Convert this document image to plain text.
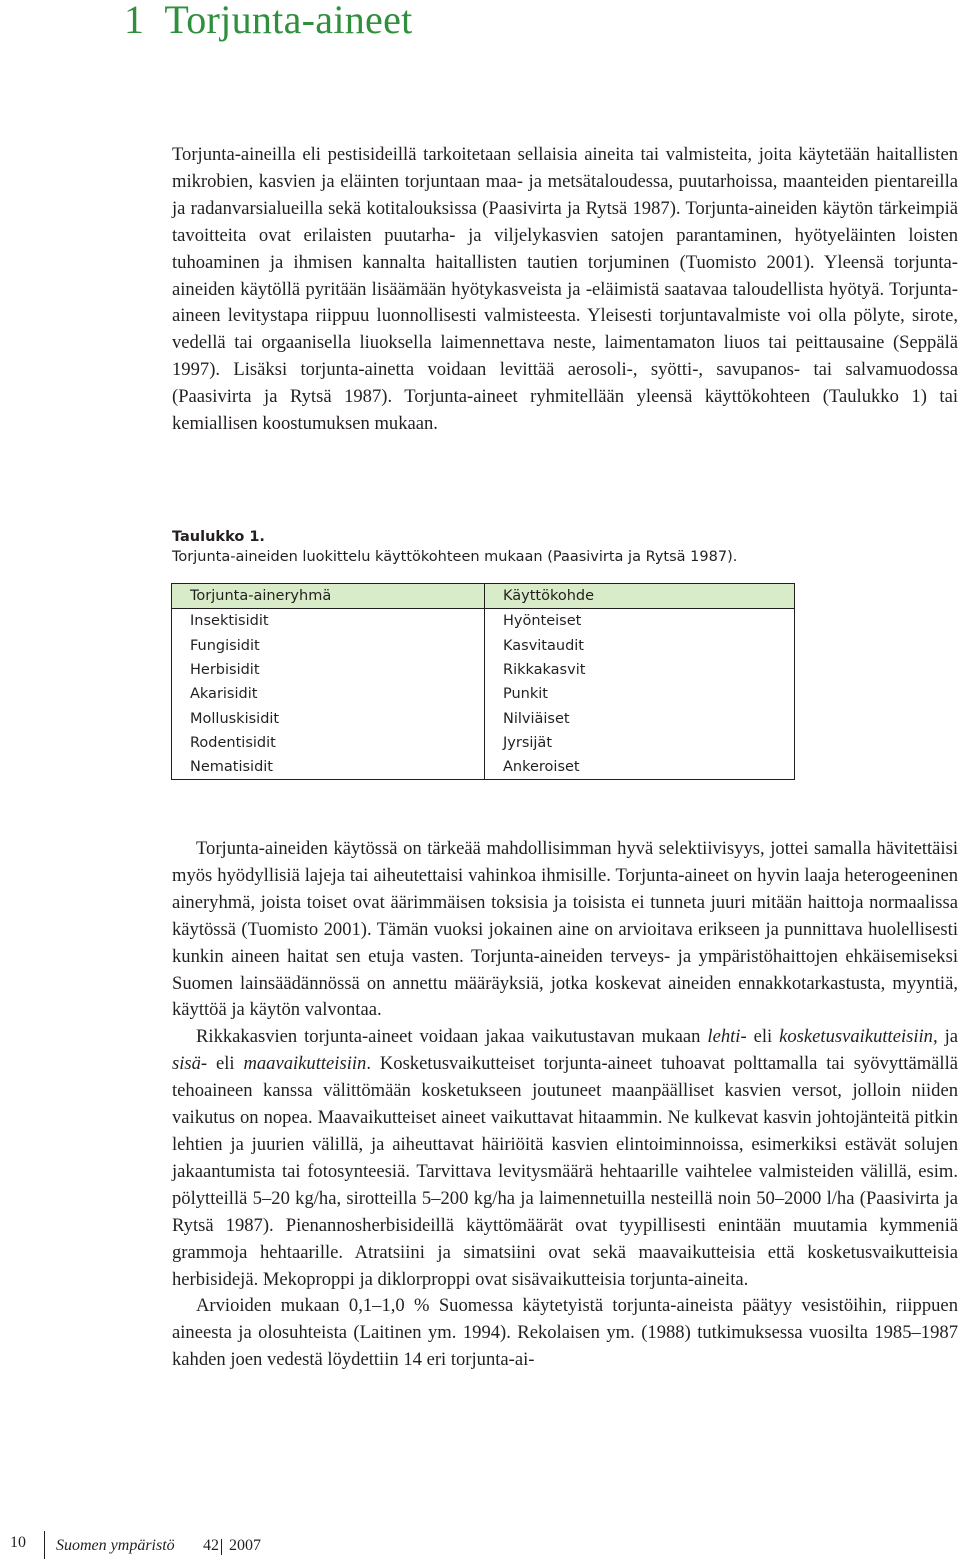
1 Torjunta-aineet

Torjunta-aineilla eli pestisideillä tarkoitetaan sellaisia aineita tai valmisteita, joita käytetään haitallisten mikrobien, kasvien ja eläinten torjuntaan maa- ja metsätaloudessa, puutarhoissa, maanteiden pientareilla ja radanvarsialueilla sekä kotitalouksissa (Paasivirta ja Rytsä 1987). Torjunta-aineiden käytön tärkeimpiä tavoitteita ovat erilaisten puutarha- ja viljelykasvien satojen parantaminen, hyötyeläinten loisten tuhoaminen ja ihmisen kannalta haitallisten tautien torjuminen (Tuomisto 2001). Yleensä torjunta-aineiden käytöllä pyritään lisäämään hyötykasveista ja -eläimistä saatavaa taloudellista hyötyä. Torjunta-aineen levitystapa riippuu luonnollisesti valmisteesta. Yleisesti torjuntavalmiste voi olla pölyte, sirote, vedellä tai orgaanisella liuoksella laimennettava neste, laimentamaton liuos tai peittausaine (Seppälä 1997). Lisäksi torjunta-ainetta voidaan levittää aerosoli-, syötti-, savupanos- tai salvamuodossa (Paasivirta ja Rytsä 1987). Torjunta-aineet ryhmitellään yleensä käyttökohteen (Taulukko 1) tai kemiallisen koostumuksen mukaan.

Taulukko 1.

Torjunta-aineiden luokittelu käyttökohteen mukaan (Paasivirta ja Rytsä 1987).

Torjunta-aineryhmä	Käyttökohde
Insektisidit	Hyönteiset
Fungisidit	Kasvitaudit
Herbisidit	Rikkakasvit
Akarisidit	Punkit
Molluskisidit	Nilviäiset
Rodentisidit	Jyrsijät
Nematisidit	Ankeroiset
Torjunta-aineiden käytössä on tärkeää mahdollisimman hyvä selektiivisyys, jottei samalla hävitettäisi myös hyödyllisiä lajeja tai aiheutettaisi vahinkoa ihmisille. Torjunta-aineet on hyvin laaja heterogeeninen aineryhmä, joista toiset ovat äärimmäisen toksisia ja toisista ei tunneta juuri mitään haittoja normaalissa käytössä (Tuomisto 2001). Tämän vuoksi jokainen aine on arvioitava erikseen ja punnittava huolellisesti kunkin aineen haitat sen etuja vasten. Torjunta-aineiden terveys- ja ympäristöhaittojen ehkäisemiseksi Suomen lainsäädännössä on annettu määräyksiä, jotka koskevat aineiden ennakkotarkastusta, myyntiä, käyttöä ja käytön valvontaa.
Rikkakasvien torjunta-aineet voidaan jakaa vaikutustavan mukaan lehti- eli kosketusvaikutteisiin, ja sisä- eli maavaikutteisiin. Kosketusvaikutteiset torjunta-aineet tuhoavat polttamalla tai syövyttämällä tehoaineen kanssa välittömään kosketukseen joutuneet maanpäälliset kasvien versot, jolloin niiden vaikutus on nopea. Maavaikutteiset aineet vaikuttavat hitaammin. Ne kulkevat kasvin johtojänteitä pitkin lehtien ja juurien välillä, ja aiheuttavat häiriöitä kasvien elintoiminnoissa, esimerkiksi estävät solujen jakaantumista tai fotosynteesiä. Tarvittava levitysmäärä hehtaarille vaihtelee valmisteiden välillä, esim. pölytteillä 5–20 kg/ha, sirotteilla 5–200 kg/ha ja laimennetuilla nesteillä noin 50–2000 l/ha (Paasivirta ja Rytsä 1987). Pienannosherbisideillä käyttömäärät ovat tyypillisesti enintään muutamia kymmeniä grammoja hehtaarille. Atratsiini ja simatsiini ovat sekä maavaikutteisia että kosketusvaikutteisia herbisidejä. Mekoproppi ja diklorproppi ovat sisävaikutteisia torjunta-aineita.
Arvioiden mukaan 0,1–1,0 % Suomessa käytetyistä torjunta-aineista päätyy vesistöihin, riippuen aineesta ja olosuhteista (Laitinen ym. 1994). Rekolaisen ym. (1988) tutkimuksessa vuosilta 1985–1987 kahden joen vedestä löydettiin 14 eri torjunta-ai-
10 Suomen ympäristö 42 2007
